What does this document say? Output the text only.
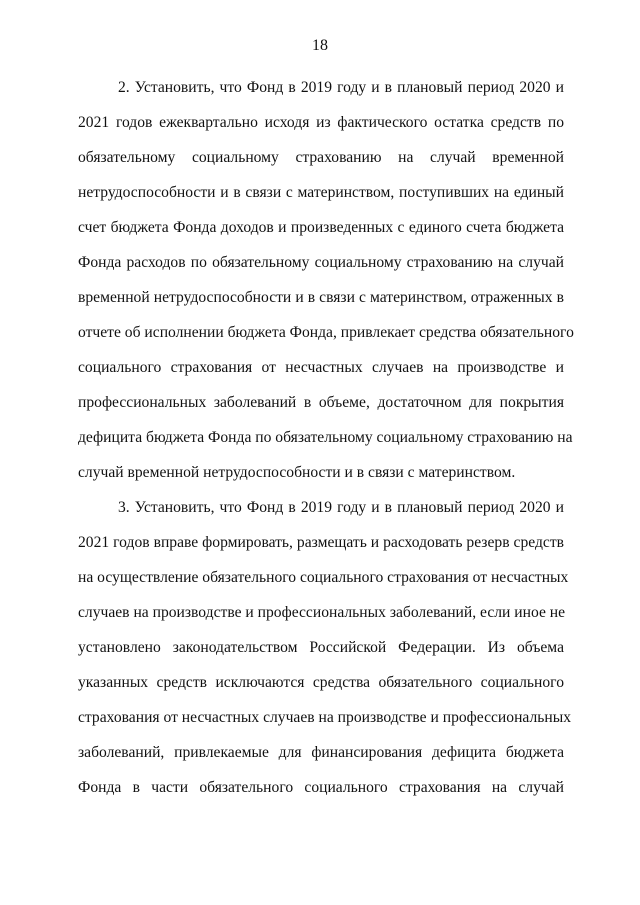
18
2. Установить, что Фонд в 2019 году и в плановый период 2020 и
2021 годов ежеквартально исходя из фактического остатка средств по
обязательному социальному страхованию на случай временной
нетрудоспособности и в связи с материнством, поступивших на единый
счет бюджета Фонда доходов и произведенных с единого счета бюджета
Фонда расходов по обязательному социальному страхованию на случай
временной нетрудоспособности и в связи с материнством, отраженных в
отчете об исполнении бюджета Фонда, привлекает средства обязательного
социального страхования от несчастных случаев на производстве и
профессиональных заболеваний в объеме, достаточном для покрытия
дефицита бюджета Фонда по обязательному социальному страхованию на
случай временной нетрудоспособности и в связи с материнством.
3. Установить, что Фонд в 2019 году и в плановый период 2020 и
2021 годов вправе формировать, размещать и расходовать резерв средств
на осуществление обязательного социального страхования от несчастных
случаев на производстве и профессиональных заболеваний, если иное не
установлено законодательством Российской Федерации. Из объема
указанных средств исключаются средства обязательного социального
страхования от несчастных случаев на производстве и профессиональных
заболеваний, привлекаемые для финансирования дефицита бюджета
Фонда в части обязательного социального страхования на случай
